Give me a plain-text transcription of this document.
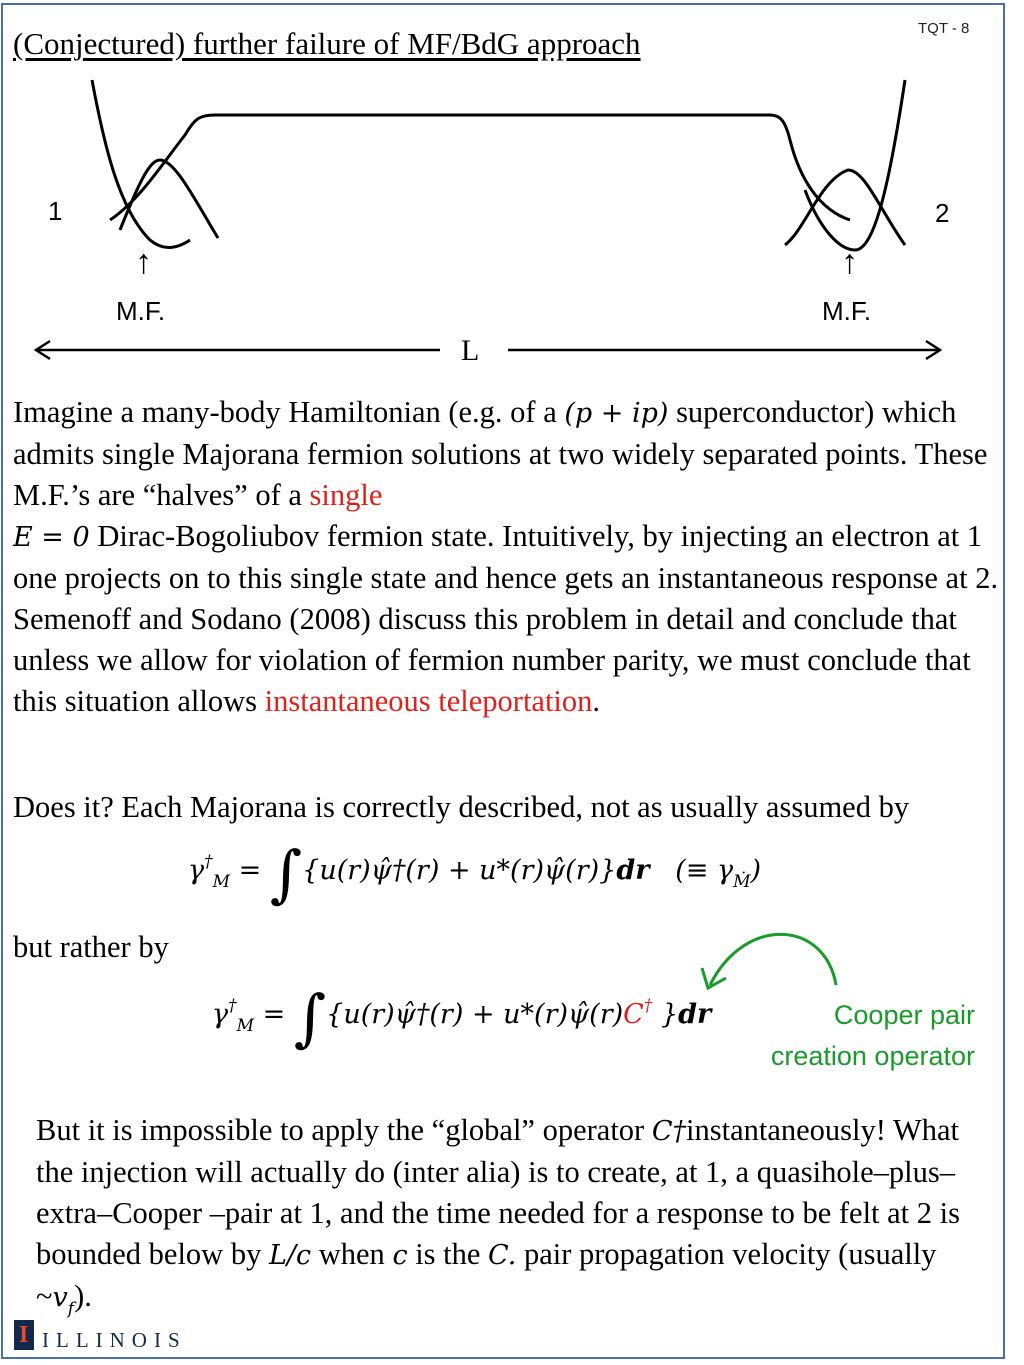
(Conjectured) further failure of MF/BdG approach	TQT - 8
1	2
↑	↑
M.F.	M.F.
L
Imagine a many-body Hamiltonian (e.g. of a (p + ip) superconductor) which admits single Majorana fermion solutions at two widely separated points. These M.F.’s are “halves” of a single
E = 0 Dirac-Bogoliubov fermion state. Intuitively, by injecting an electron at 1 one projects on to this single state and hence gets an instantaneous response at 2. Semenoff and Sodano (2008) discuss this problem in detail and conclude that unless we allow for violation of fermion number parity, we must conclude that this situation allows instantaneous teleportation.
Does it? Each Majorana is correctly described, not as usually assumed by
$\gamma^\dagger_M$ = ∫{u(r)ψ̂†(r) + u*(r)ψ̂(r)}dr (≡ $\gamma_Ṁ$)
but rather by
$\gamma^\dagger_M$ = ∫{u(r)ψ̂†(r) + u*(r)ψ̂(r)C† }dr	Cooper pair
creation operator
But it is impossible to apply the “global” operator C†instantaneously! What the injection will actually do (inter alia) is to create, at 1, a quasihole–plus–extra–Cooper –pair at 1, and the time needed for a response to be felt at 2 is bounded below by L/c when c is the C. pair propagation velocity (usually $\sim v_f$).
I ILLINOIS
